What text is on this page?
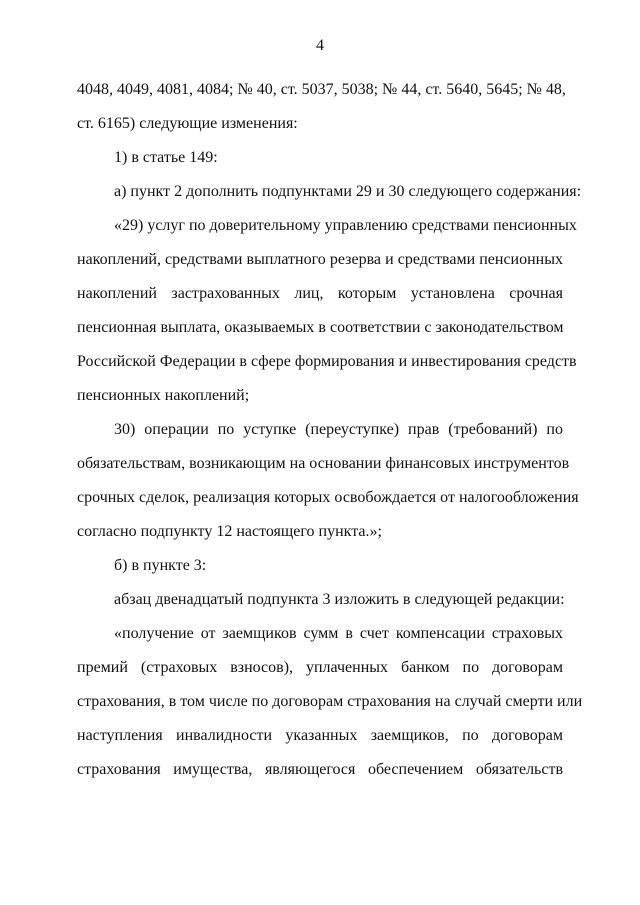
4
4048, 4049, 4081, 4084; № 40, ст. 5037, 5038; № 44, ст. 5640, 5645; № 48,
ст. 6165) следующие изменения:
1) в статье 149:
а) пункт 2 дополнить подпунктами 29 и 30 следующего содержания:
«29) услуг по доверительному управлению средствами пенсионных
накоплений, средствами выплатного резерва и средствами пенсионных
накоплений застрахованных лиц, которым установлена срочная
пенсионная выплата, оказываемых в соответствии с законодательством
Российской Федерации в сфере формирования и инвестирования средств
пенсионных накоплений;
30) операции по уступке (переуступке) прав (требований) по
обязательствам, возникающим на основании финансовых инструментов
срочных сделок, реализация которых освобождается от налогообложения
согласно подпункту 12 настоящего пункта.»;
б) в пункте 3:
абзац двенадцатый подпункта 3 изложить в следующей редакции:
«получение от заемщиков сумм в счет компенсации страховых
премий (страховых взносов), уплаченных банком по договорам
страхования, в том числе по договорам страхования на случай смерти или
наступления инвалидности указанных заемщиков, по договорам
страхования имущества, являющегося обеспечением обязательств
